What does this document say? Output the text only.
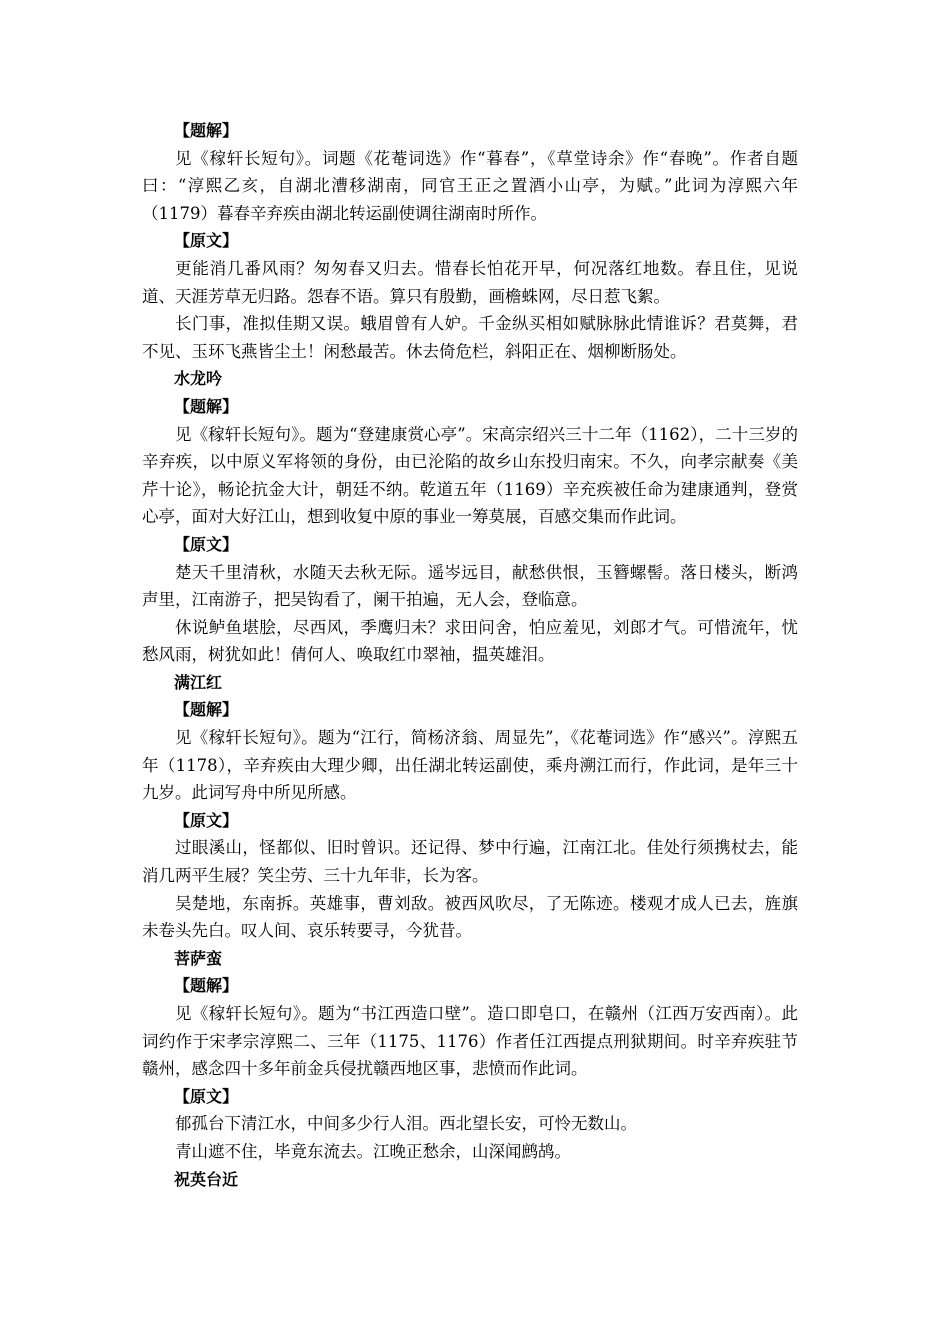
【题解】
见《稼轩长短句》。词题《花菴词选》作“暮春”，《草堂诗余》作“春晚”。作者自题曰：“淳熙乙亥，自湖北漕移湖南，同官王正之置酒小山亭，为赋。”此词为淳熙六年（1179）暮春辛弃疾由湖北转运副使调往湖南时所作。
【原文】
更能消几番风雨？匆匆春又归去。惜春长怕花开早，何况落红地数。春且住，见说道、天涯芳草无归路。怨春不语。算只有殷勤，画檐蛛网，尽日惹飞絮。
长门事，准拟佳期又误。蛾眉曾有人妒。千金纵买相如赋脉脉此情谁诉？君莫舞，君不见、玉环飞燕皆尘土！闲愁最苦。休去倚危栏，斜阳正在、烟柳断肠处。
水龙吟
【题解】
见《稼轩长短句》。题为“登建康赏心亭”。宋高宗绍兴三十二年（1162），二十三岁的辛弃疾，以中原义军将领的身份，由已沦陷的故乡山东投归南宋。不久，向孝宗献奏《美芹十论》，畅论抗金大计，朝廷不纳。乾道五年（1169）辛充疾被任命为建康通判，登赏心亭，面对大好江山，想到收复中原的事业一筹莫展，百感交集而作此词。
【原文】
楚天千里清秋，水随天去秋无际。遥岑远目，献愁供恨，玉簪螺髻。落日楼头，断鸿声里，江南游子，把吴钩看了，阑干拍遍，无人会，登临意。
休说鲈鱼堪脍，尽西风，季鹰归未？求田问舍，怕应羞见，刘郎才气。可惜流年，忧愁风雨，树犹如此！倩何人、唤取红巾翠袖，揾英雄泪。
满江红
【题解】
见《稼轩长短句》。题为“江行，简杨济翁、周显先”，《花菴词选》作“感兴”。淳熙五年（1178），辛弃疾由大理少卿，出任湖北转运副使，乘舟溯江而行，作此词，是年三十九岁。此词写舟中所见所感。
【原文】
过眼溪山，怪都似、旧时曾识。还记得、梦中行遍，江南江北。佳处行须携杖去，能消几两平生屐？笑尘劳、三十九年非，长为客。
吴楚地，东南拆。英雄事，曹刘敌。被西风吹尽，了无陈迹。楼观才成人已去，旌旗未卷头先白。叹人间、哀乐转要寻，今犹昔。
菩萨蛮
【题解】
见《稼轩长短句》。题为“书江西造口壁”。造口即皂口，在赣州（江西万安西南）。此词约作于宋孝宗淳熙二、三年（1175、1176）作者任江西提点刑狱期间。时辛弃疾驻节赣州，感念四十多年前金兵侵扰赣西地区事，悲愤而作此词。
【原文】
郁孤台下清江水，中间多少行人泪。西北望长安，可怜无数山。
青山遮不住，毕竟东流去。江晚正愁余，山深闻鹧鸪。
祝英台近
